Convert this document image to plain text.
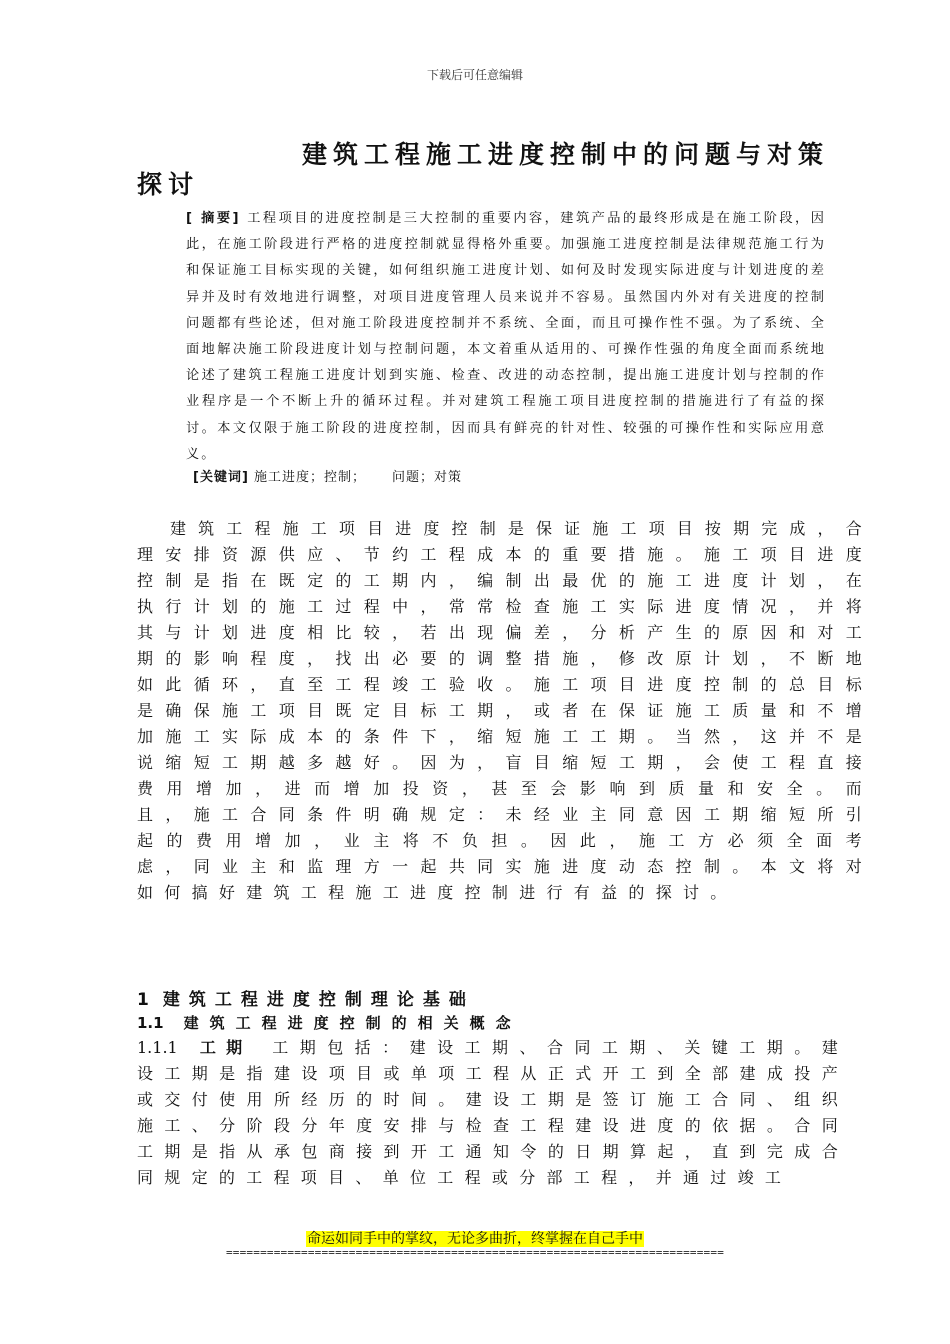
下载后可任意编辑
建筑工程施工进度控制中的问题与对策
探讨
[ 摘要] 工程项目的进度控制是三大控制的重要内容，建筑产品的最终形成是在施工阶段，因此，在施工阶段进行严格的进度控制就显得格外重要。加强施工进度控制是法律规范施工行为和保证施工目标实现的关键，如何组织施工进度计划、如何及时发现实际进度与计划进度的差异并及时有效地进行调整，对项目进度管理人员来说并不容易。虽然国内外对有关进度的控制问题都有些论述，但对施工阶段进度控制并不系统、全面，而且可操作性不强。为了系统、全面地解决施工阶段进度计划与控制问题，本文着重从适用的、可操作性强的角度全面而系统地论述了建筑工程施工进度计划到实施、检查、改进的动态控制，提出施工进度计划与控制的作业程序是一个不断上升的循环过程。并对建筑工程施工项目进度控制的措施进行了有益的探讨。本文仅限于施工阶段的进度控制，因而具有鲜亮的针对性、较强的可操作性和实际应用意义。
[关键词] 施工进度；控制； 问题；对策

建筑工程施工项目进度控制是保证施工项目按期完成，合理安排资源供应、节约工程成本的重要措施。施工项目进度控制是指在既定的工期内，编制出最优的施工进度计划，在执行计划的施工过程中，常常检查施工实际进度情况，并将其与计划进度相比较，若出现偏差，分析产生的原因和对工期的影响程度，找出必要的调整措施，修改原计划，不断地如此循环，直至工程竣工验收。施工项目进度控制的总目标是确保施工项目既定目标工期，或者在保证施工质量和不增加施工实际成本的条件下，缩短施工工期。当然，这并不是说缩短工期越多越好。因为，盲目缩短工期，会使工程直接费用增加，进而增加投资，甚至会影响到质量和安全。而且，施工合同条件明确规定：未经业主同意因工期缩短所引起的费用增加，业主将不负担。因此，施工方必须全面考虑，同业主和监理方一起共同实施进度动态控制。本文将对如何搞好建筑工程施工进度控制进行有益的探讨。

1 建筑工程进度控制理论基础
1.1 建筑工程进度控制的相关概念
1.1.1 工期 工期包括：建设工期、合同工期、关键工期。建设工期是指建设项目或单项工程从正式开工到全部建成投产或交付使用所经历的时间。建设工期是签订施工合同、组织施工、分阶段分年度安排与检查工程建设进度的依据。合同工期是指从承包商接到开工通知令的日期算起，直到完成合同规定的工程项目、单位工程或分部工程，并通过竣工
命运如同手中的掌纹，无论多曲折，终掌握在自己手中
=========================================================================
